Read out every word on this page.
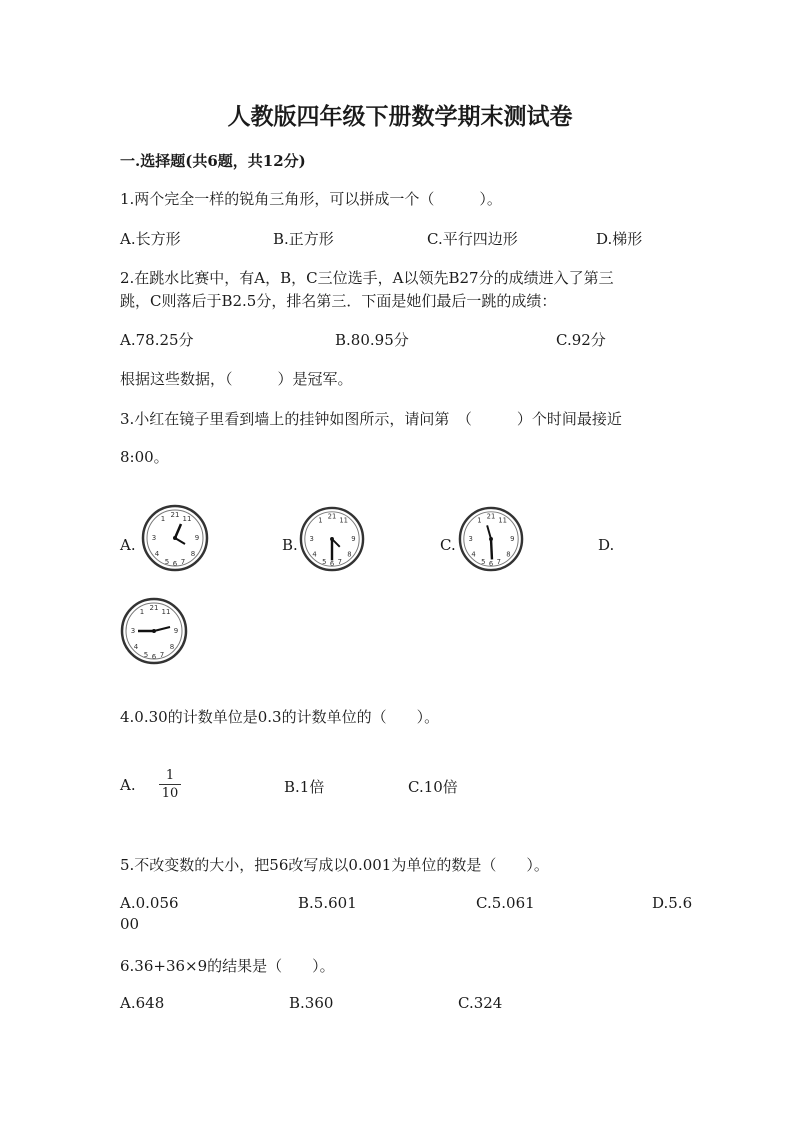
人教版四年级下册数学期末测试卷
一.选择题(共6题，共12分)
1.两个完全一样的锐角三角形，可以拼成一个（　　　）。
A.长方形	B.正方形	C.平行四边形	D.梯形
2.在跳水比赛中，有A，B，C三位选手，A以领先B27分的成绩进入了第三
跳，C则落后于B2.5分，排名第三．下面是她们最后一跳的成绩：
A.78.25分	B.80.95分	C.92分
根据这些数据，（　　　）是冠军。
3.小红在镜子里看到墙上的挂钟如图所示，请问第　（　　　）个时间最接近
8:00。
A.
21
1 11
3	9
4	8
5 7
6
B.
21
1 11
3	9
4	8
5 7
6
C.
21
1 11
3	9
4	8
5 7
6
D.
21
1 11
3	9
4	8
5 7
6
4.0.30的计数单位是0.3的计数单位的（　　）。
A.
1
10	B.1倍	C.10倍
5.不改变数的大小，把56改写成以0.001为单位的数是（　　）。
A.0.056	B.5.601	C.5.061	D.5.6
00
6.36+36×9的结果是（　　）。
A.648	B.360	C.324
